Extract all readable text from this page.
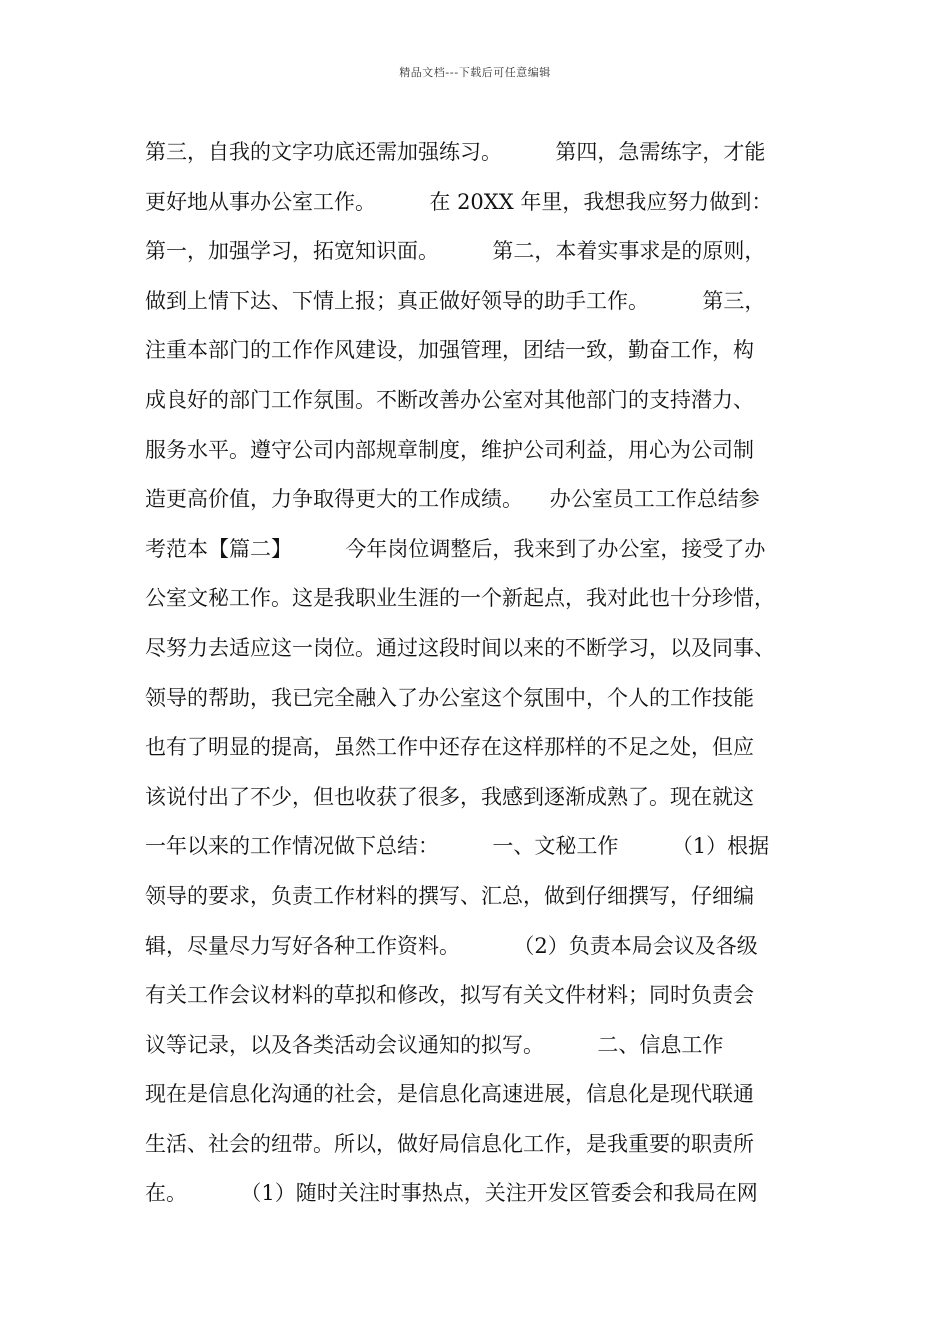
精品文档---下载后可任意编辑
第三，自我的文字功底还需加强练习。        第四，急需练字，才能
更好地从事办公室工作。        在 20XX 年里，我想我应努力做到：
第一，加强学习，拓宽知识面。        第二，本着实事求是的原则，
做到上情下达、下情上报；真正做好领导的助手工作。        第三，
注重本部门的工作作风建设，加强管理，团结一致，勤奋工作，构
成良好的部门工作氛围。不断改善办公室对其他部门的支持潜力、
服务水平。遵守公司内部规章制度，维护公司利益，用心为公司制
造更高价值，力争取得更大的工作成绩。    办公室员工工作总结参
考范本【篇二】        今年岗位调整后，我来到了办公室，接受了办
公室文秘工作。这是我职业生涯的一个新起点，我对此也十分珍惜，
尽努力去适应这一岗位。通过这段时间以来的不断学习，以及同事、
领导的帮助，我已完全融入了办公室这个氛围中，个人的工作技能
也有了明显的提高，虽然工作中还存在这样那样的不足之处，但应
该说付出了不少，但也收获了很多，我感到逐渐成熟了。现在就这
一年以来的工作情况做下总结：        一、文秘工作        （1）根据
领导的要求，负责工作材料的撰写、汇总，做到仔细撰写，仔细编
辑，尽量尽力写好各种工作资料。        （2）负责本局会议及各级
有关工作会议材料的草拟和修改，拟写有关文件材料；同时负责会
议等记录，以及各类活动会议通知的拟写。        二、信息工作
现在是信息化沟通的社会，是信息化高速进展，信息化是现代联通
生活、社会的纽带。所以，做好局信息化工作，是我重要的职责所
在。        （1）随时关注时事热点，关注开发区管委会和我局在网
